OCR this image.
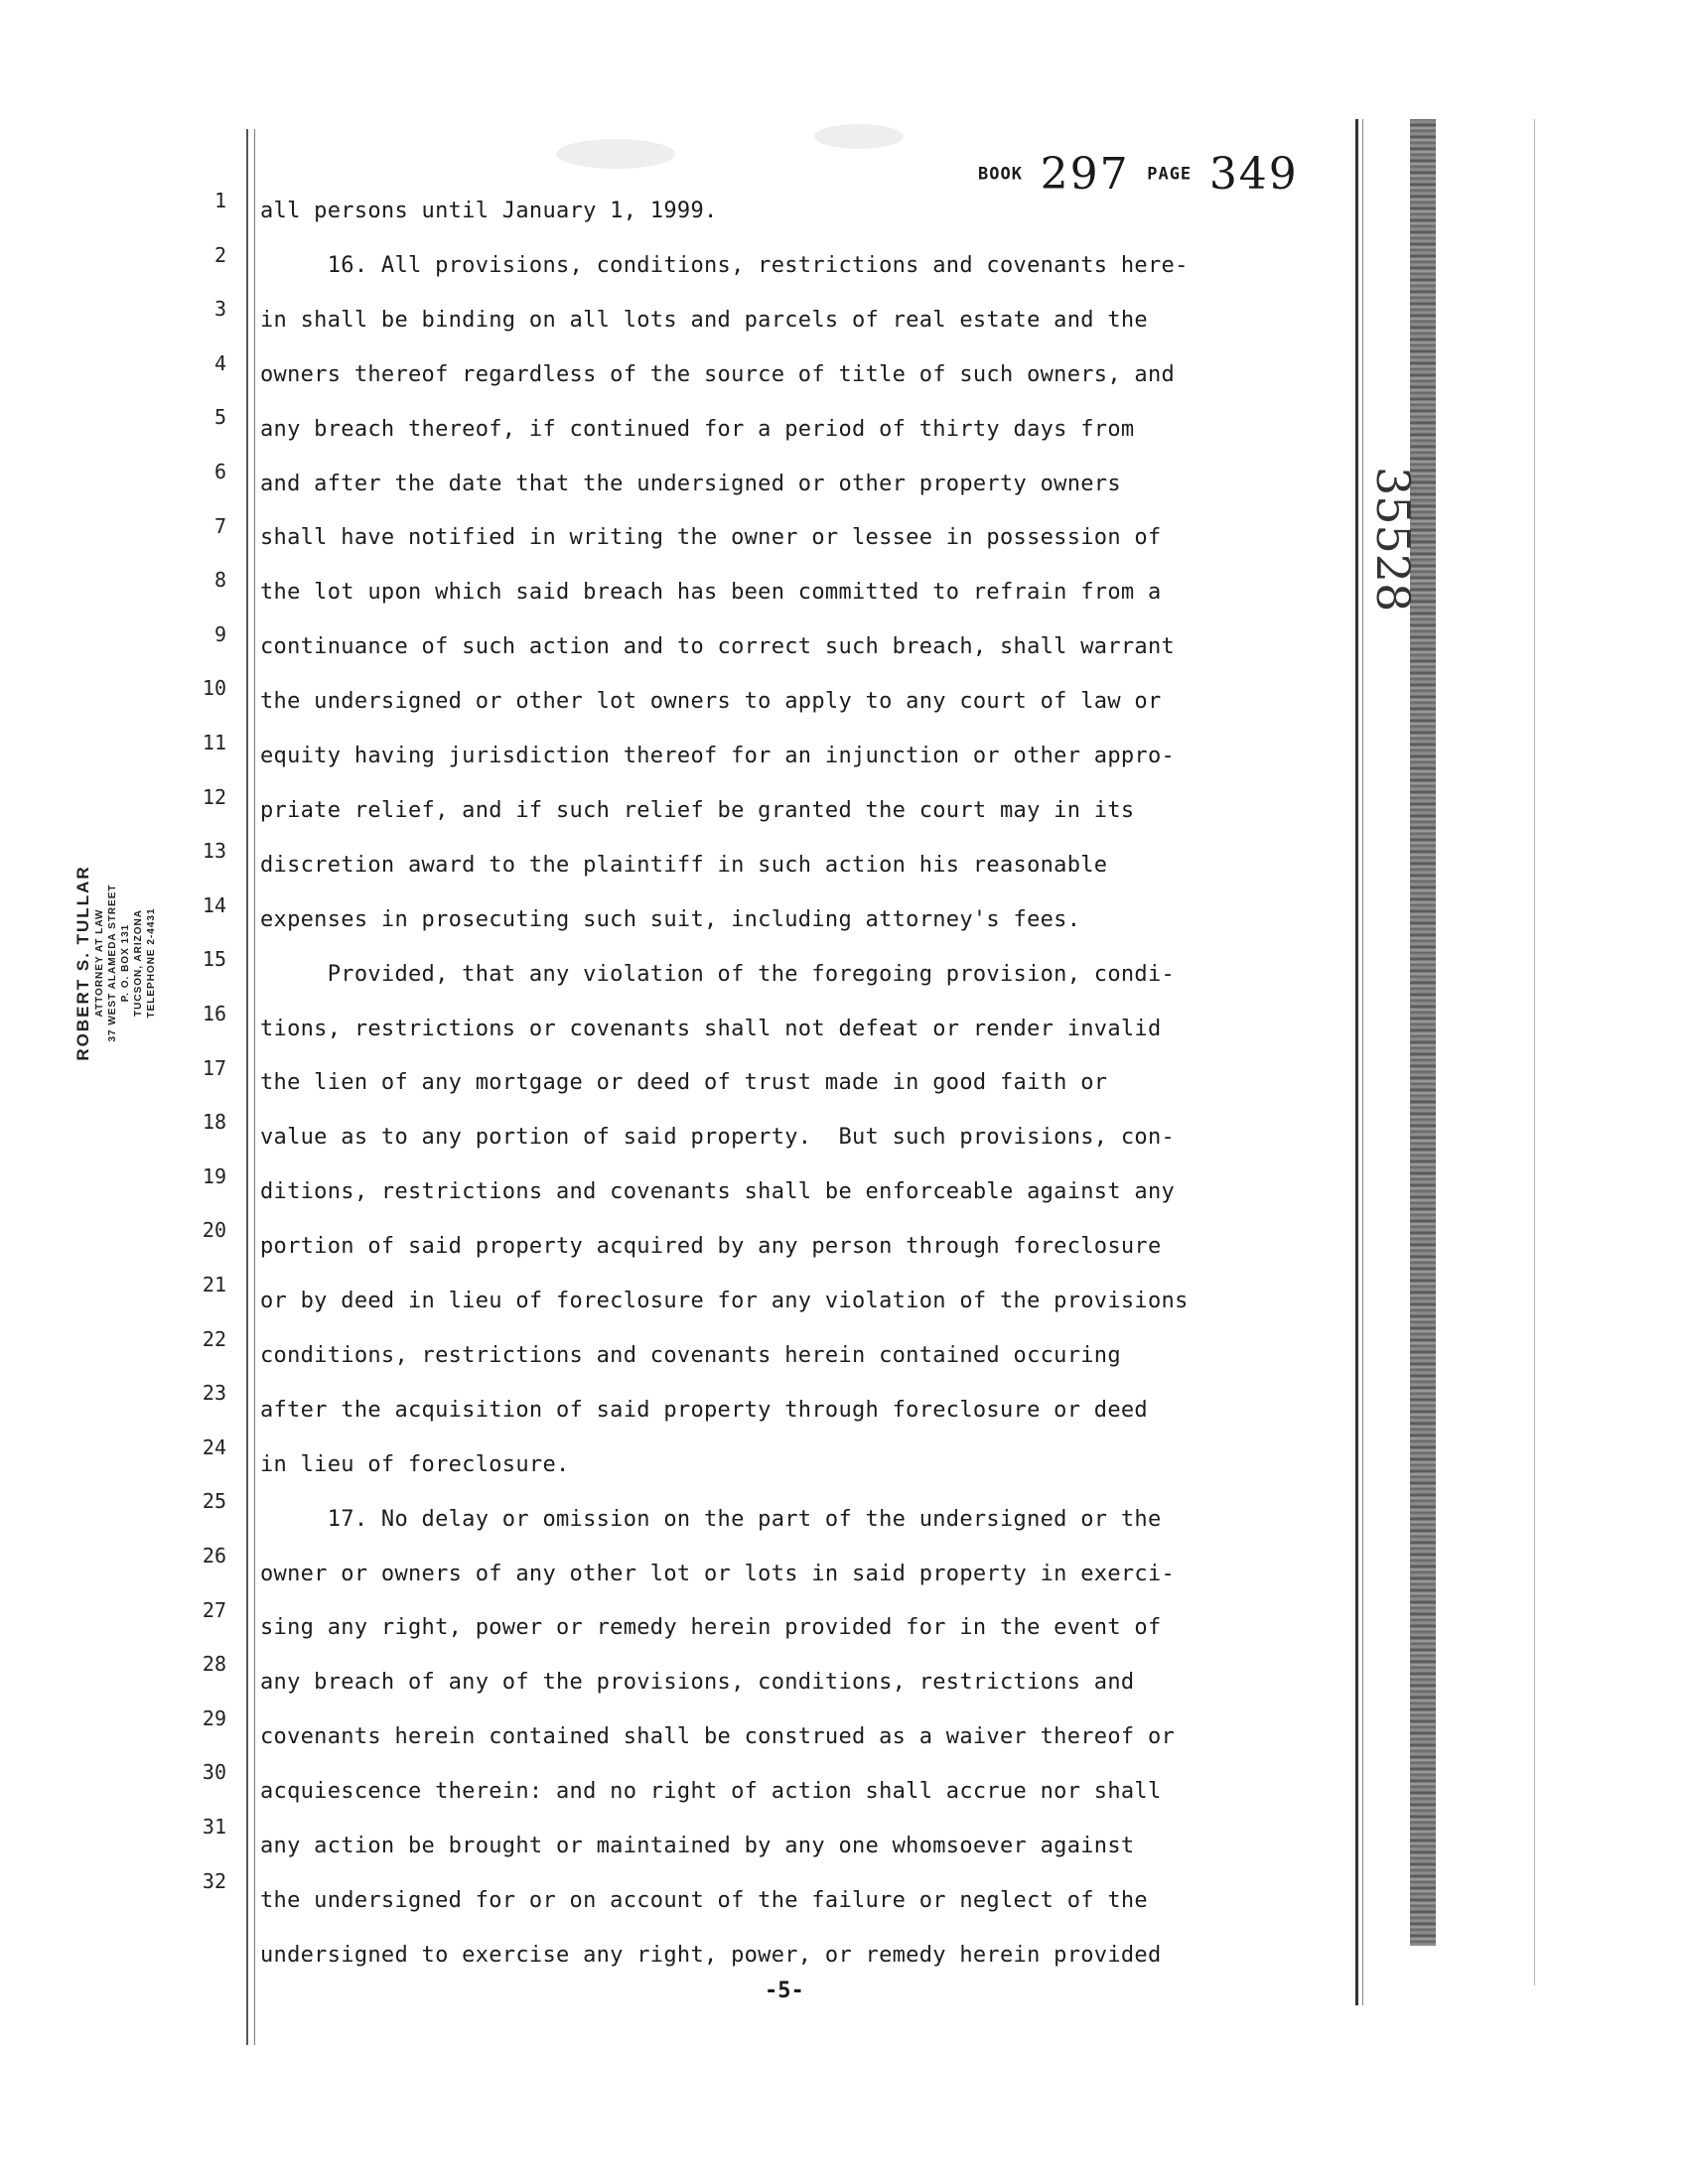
BOOK 297 PAGE 349
35528
ROBERT S. TULLAR ATTORNEY AT LAW 37 WEST ALAMEDA STREET P. O. BOX 131 TUCSON, ARIZONA TELEPHONE 2-4431
1
2
3
4
5
6
7
8
9
10
11
12
13
14
15
16
17
18
19
20
21
22
23
24
25
26
27
28
29
30
31
32
all persons until January 1, 1999.
16. All provisions, conditions, restrictions and covenants here-
in shall be binding on all lots and parcels of real estate and the
owners thereof regardless of the source of title of such owners, and
any breach thereof, if continued for a period of thirty days from
and after the date that the undersigned or other property owners
shall have notified in writing the owner or lessee in possession of
the lot upon which said breach has been committed to refrain from a
continuance of such action and to correct such breach, shall warrant
the undersigned or other lot owners to apply to any court of law or
equity having jurisdiction thereof for an injunction or other appro-
priate relief, and if such relief be granted the court may in its
discretion award to the plaintiff in such action his reasonable
expenses in prosecuting such suit, including attorney's fees.
Provided, that any violation of the foregoing provision, condi-
tions, restrictions or covenants shall not defeat or render invalid
the lien of any mortgage or deed of trust made in good faith or
value as to any portion of said property.  But such provisions, con-
ditions, restrictions and covenants shall be enforceable against any
portion of said property acquired by any person through foreclosure
or by deed in lieu of foreclosure for any violation of the provisions
conditions, restrictions and covenants herein contained occuring
after the acquisition of said property through foreclosure or deed
in lieu of foreclosure.
17. No delay or omission on the part of the undersigned or the
owner or owners of any other lot or lots in said property in exerci-
sing any right, power or remedy herein provided for in the event of
any breach of any of the provisions, conditions, restrictions and
covenants herein contained shall be construed as a waiver thereof or
acquiescence therein: and no right of action shall accrue nor shall
any action be brought or maintained by any one whomsoever against
the undersigned for or on account of the failure or neglect of the
undersigned to exercise any right, power, or remedy herein provided
-5-
